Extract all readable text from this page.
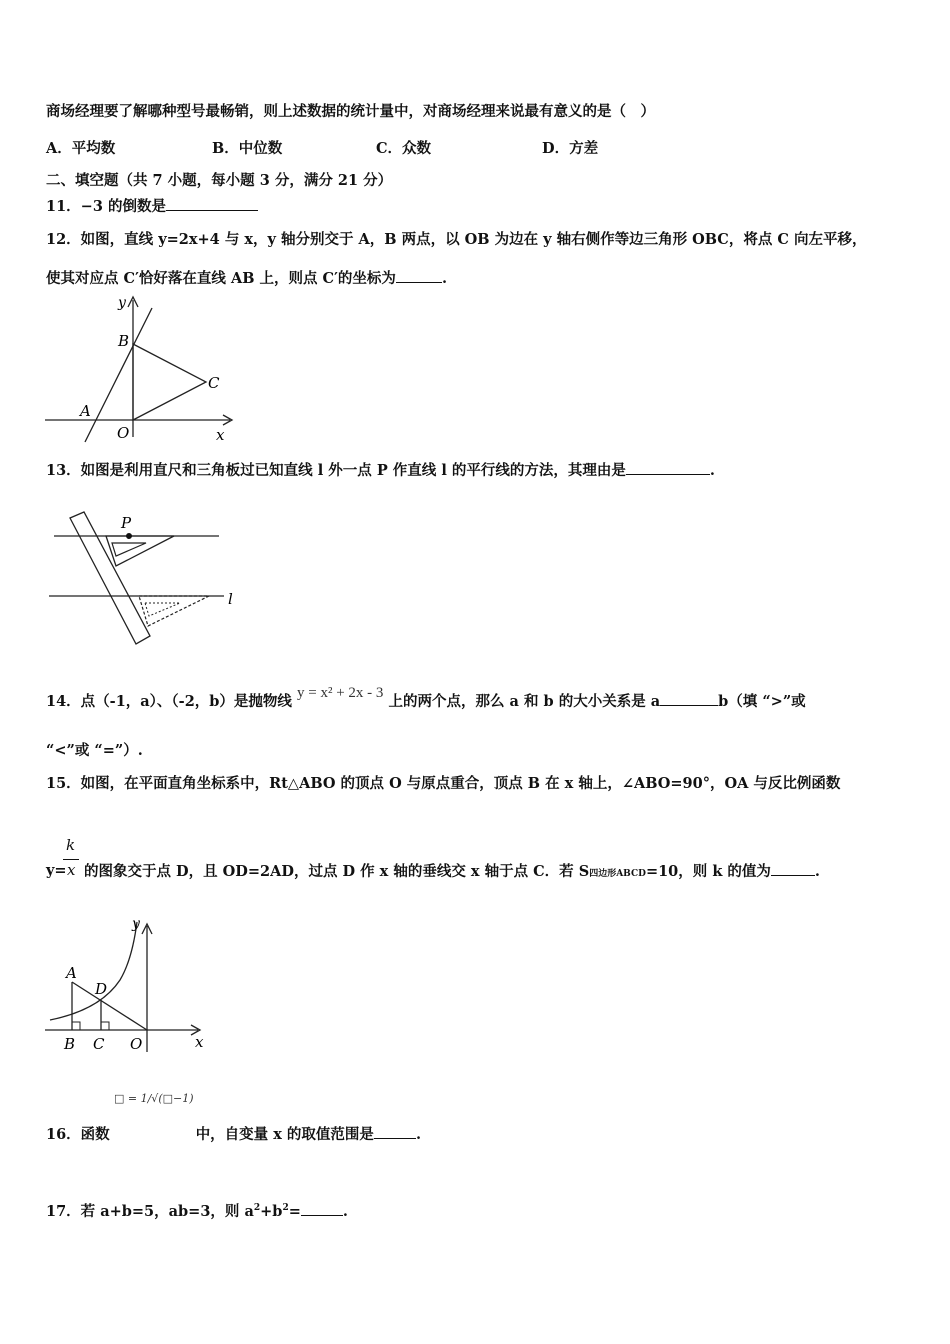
商场经理要了解哪种型号最畅销，则上述数据的统计量中，对商场经理来说最有意义的是（　）
A．平均数	B．中位数	C．众数	D．方差
二、填空题（共 7 小题，每小题 3 分，满分 21 分）
11．−3 的倒数是
12．如图，直线 y=2x+4 与 x，y 轴分别交于 A，B 两点，以 OB 为边在 y 轴右侧作等边三角形 OBC，将点 C 向左平移，
使其对应点 C′恰好落在直线 AB 上，则点 C′的坐标为	.
y
B
C
A
O	x
13．如图是利用直尺和三角板过已知直线 l 外一点 P 作直线 l 的平行线的方法，其理由是	.
P
l
14．点（-1，a）、（-2，b）是抛物线 y = x² + 2x - 3 上的两个点，那么 a 和 b 的大小关系是 a	b（填 “>”或
“<”或 “=”）.
15．如图，在平面直角坐标系中，Rt△ABO 的顶点 O 与原点重合，顶点 B 在 x 轴上，∠ABO=90°，OA 与反比例函数
k
x
y= 的图象交于点 D，且 OD=2AD，过点 D 作 x 轴的垂线交 x 轴于点 C．若 S四边形ABCD=10，则 k 的值为	.
y
A
D
B C O	x
□ = 1/√(□−1)
16．函数	中，自变量 x 的取值范围是	.
17．若 a+b=5，ab=3，则 $a^2+b^2=$	.
